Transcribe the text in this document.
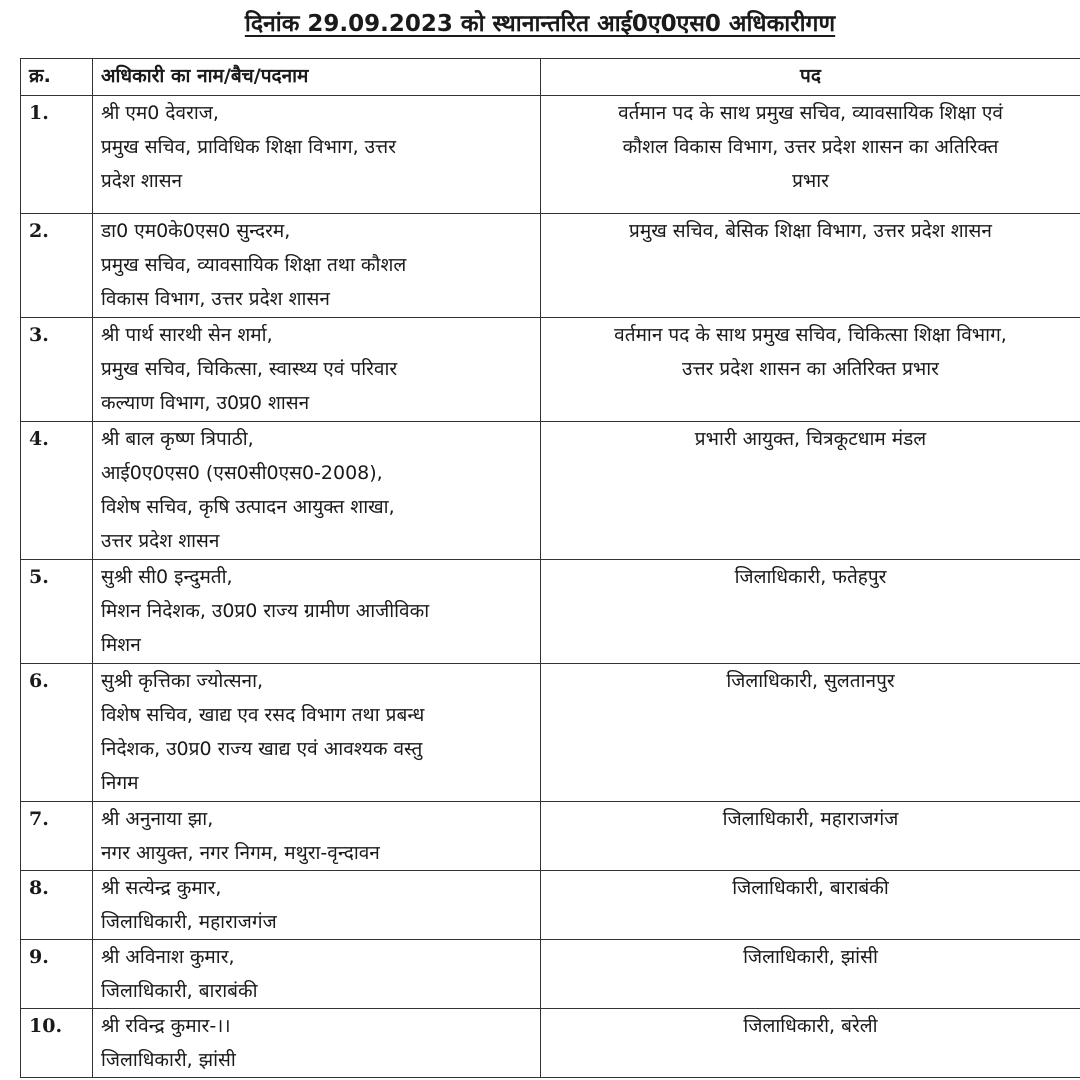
दिनांक 29.09.2023 को स्थानान्तरित आई0ए0एस0 अधिकारीगण
क्र.	अधिकारी का नाम/बैच/पदनाम	पद
1.	श्री एम0 देवराज,
प्रमुख सचिव, प्राविधिक शिक्षा विभाग, उत्तर
प्रदेश शासन	वर्तमान पद के साथ प्रमुख सचिव, व्यावसायिक शिक्षा एवं
कौशल विकास विभाग, उत्तर प्रदेश शासन का अतिरिक्त
प्रभार

2.	डा0 एम0के0एस0 सुन्दरम,
प्रमुख सचिव, व्यावसायिक शिक्षा तथा कौशल
विकास विभाग, उत्तर प्रदेश शासन	प्रमुख सचिव, बेसिक शिक्षा विभाग, उत्तर प्रदेश शासन

3.	श्री पार्थ सारथी सेन शर्मा,
प्रमुख सचिव, चिकित्सा, स्वास्थ्य एवं परिवार
कल्याण विभाग, उ0प्र0 शासन	वर्तमान पद के साथ प्रमुख सचिव, चिकित्सा शिक्षा विभाग,
उत्तर प्रदेश शासन का अतिरिक्त प्रभार

4.	श्री बाल कृष्ण त्रिपाठी,
आई0ए0एस0 (एस0सी0एस0-2008),
विशेष सचिव, कृषि उत्पादन आयुक्त शाखा,
उत्तर प्रदेश शासन	प्रभारी आयुक्त, चित्रकूटधाम मंडल

5.	सुश्री सी0 इन्दुमती,
मिशन निदेशक, उ0प्र0 राज्य ग्रामीण आजीविका
मिशन	जिलाधिकारी, फतेहपुर

6.	सुश्री कृत्तिका ज्योत्सना,
विशेष सचिव, खाद्य एव रसद विभाग तथा प्रबन्ध
निदेशक, उ0प्र0 राज्य खाद्य एवं आवश्यक वस्तु
निगम	जिलाधिकारी, सुलतानपुर

7.	श्री अनुनाया झा,
नगर आयुक्त, नगर निगम, मथुरा-वृन्दावन	जिलाधिकारी, महाराजगंज

8.	श्री सत्येन्द्र कुमार,
जिलाधिकारी, महाराजगंज	जिलाधिकारी, बाराबंकी

9.	श्री अविनाश कुमार,
जिलाधिकारी, बाराबंकी	जिलाधिकारी, झांसी

10.	श्री रविन्द्र कुमार-।।
जिलाधिकारी, झांसी	जिलाधिकारी, बरेली
